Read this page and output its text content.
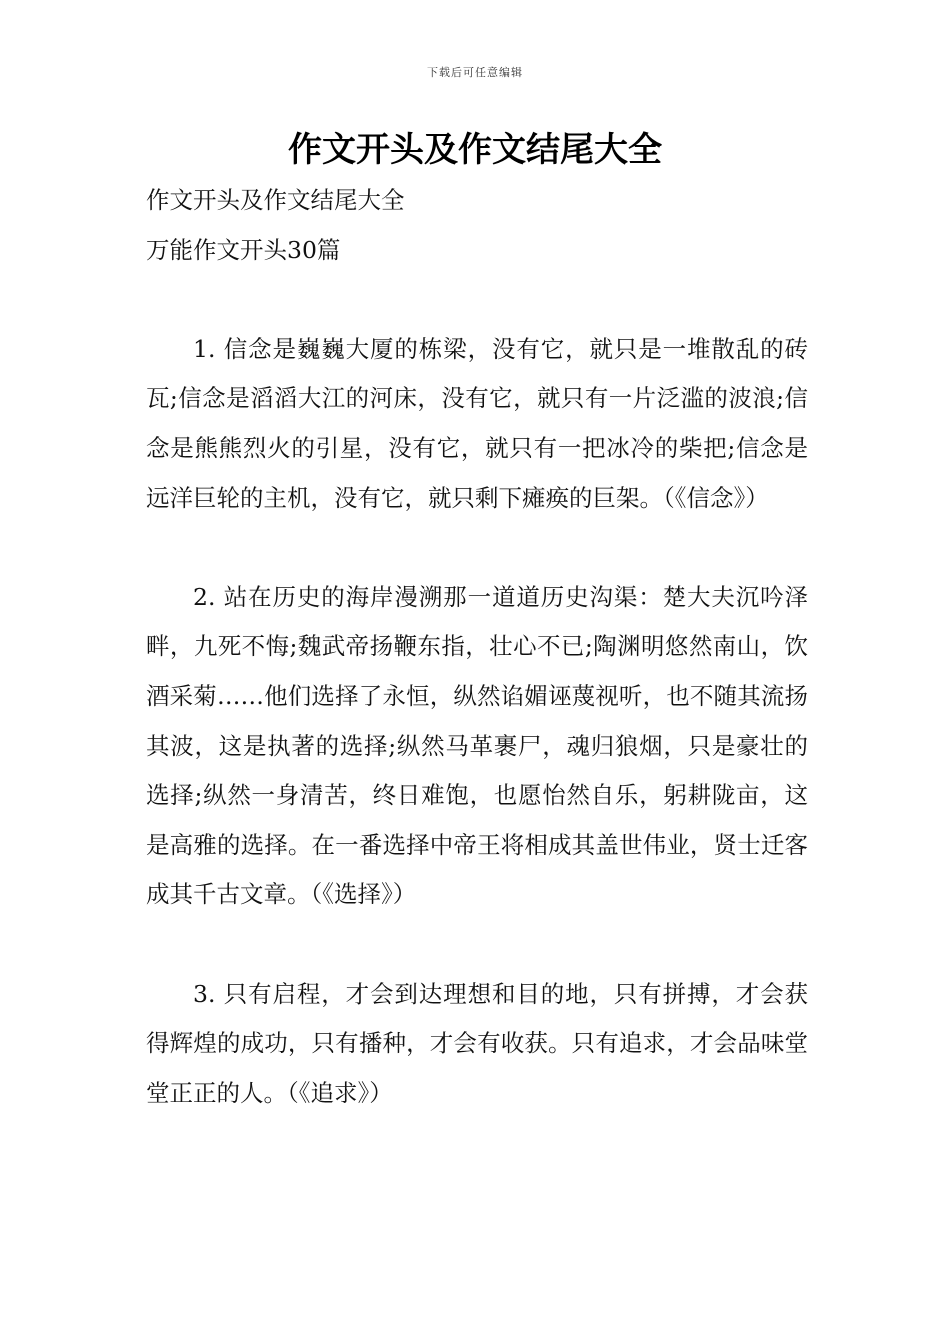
下载后可任意编辑
作文开头及作文结尾大全

作文开头及作文结尾大全

万能作文开头30篇

1. 信念是巍巍大厦的栋梁，没有它，就只是一堆散乱的砖瓦;信念是滔滔大江的河床，没有它，就只有一片泛滥的波浪;信念是熊熊烈火的引星，没有它，就只有一把冰冷的柴把;信念是远洋巨轮的主机，没有它，就只剩下瘫痪的巨架。（《信念》）

2. 站在历史的海岸漫溯那一道道历史沟渠：楚大夫沉吟泽畔，九死不悔;魏武帝扬鞭东指，壮心不已;陶渊明悠然南山，饮酒采菊……他们选择了永恒，纵然谄媚诬蔑视听，也不随其流扬其波，这是执著的选择;纵然马革裹尸，魂归狼烟，只是豪壮的选择;纵然一身清苦，终日难饱，也愿怡然自乐，躬耕陇亩，这是高雅的选择。在一番选择中帝王将相成其盖世伟业，贤士迁客成其千古文章。（《选择》）

3. 只有启程，才会到达理想和目的地，只有拼搏，才会获得辉煌的成功，只有播种，才会有收获。只有追求，才会品味堂堂正正的人。（《追求》）
